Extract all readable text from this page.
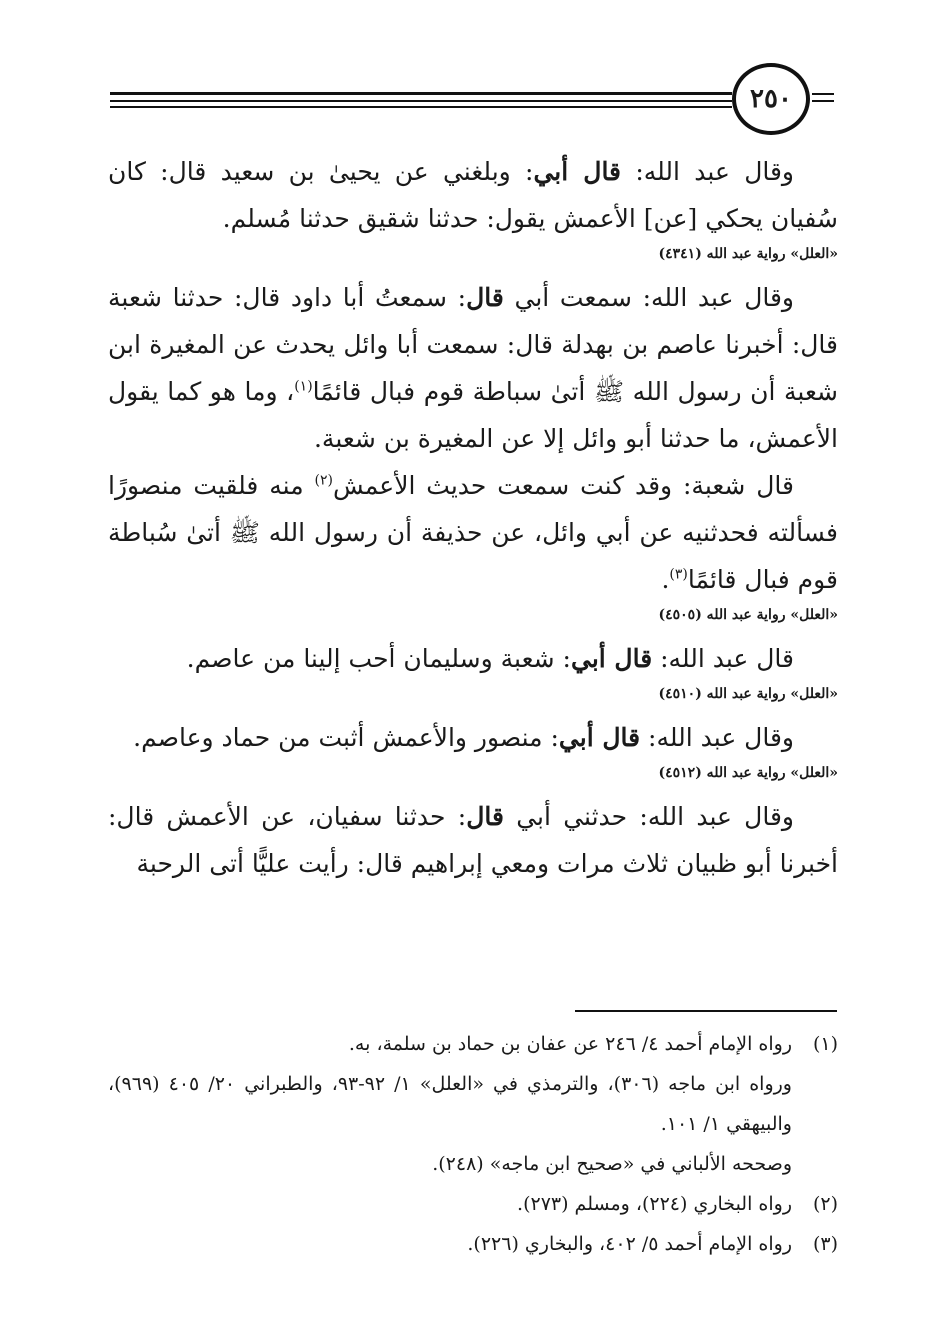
٢٥٠

وقال عبد الله: قال أبي: وبلغني عن يحيىٰ بن سعيد قال: كان سُفيان يحكي [عن] الأعمش يقول: حدثنا شقيق حدثنا مُسلم.

«العلل» رواية عبد الله (٤٣٤١)

وقال عبد الله: سمعت أبي قال: سمعتُ أبا داود قال: حدثنا شعبة قال: أخبرنا عاصم بن بهدلة قال: سمعت أبا وائل يحدث عن المغيرة ابن شعبة أن رسول الله ﷺ أتىٰ سباطة قوم فبال قائمًا$^{(١)}$، وما هو كما يقول الأعمش، ما حدثنا أبو وائل إلا عن المغيرة بن شعبة.

قال شعبة: وقد كنت سمعت حديث الأعمش$^{(٢)}$ منه فلقيت منصورًا فسألته فحدثنيه عن أبي وائل، عن حذيفة أن رسول الله ﷺ أتىٰ سُباطة قوم فبال قائمًا$^{(٣)}$.

«العلل» رواية عبد الله (٤٥٠٥)

قال عبد الله: قال أبي: شعبة وسليمان أحب إلينا من عاصم.

«العلل» رواية عبد الله (٤٥١٠)

وقال عبد الله: قال أبي: منصور والأعمش أثبت من حماد وعاصم.

«العلل» رواية عبد الله (٤٥١٢)

وقال عبد الله: حدثني أبي قال: حدثنا سفيان، عن الأعمش قال: أخبرنا أبو ظبيان ثلاث مرات ومعي إبراهيم قال: رأيت عليًّا أتى الرحبة

(١)
رواه الإمام أحمد ٤/ ٢٤٦ عن عفان بن حماد بن سلمة، به.

ورواه ابن ماجه (٣٠٦)، والترمذي في «العلل» ١/ ٩٢-٩٣، والطبراني ٢٠/ ٤٠٥ (٩٦٩)، والبيهقي ١/ ١٠١.

وصححه الألباني في «صحيح ابن ماجه» (٢٤٨).

(٢)
رواه البخاري (٢٢٤)، ومسلم (٢٧٣).

(٣)
رواه الإمام أحمد ٥/ ٤٠٢، والبخاري (٢٢٦).
